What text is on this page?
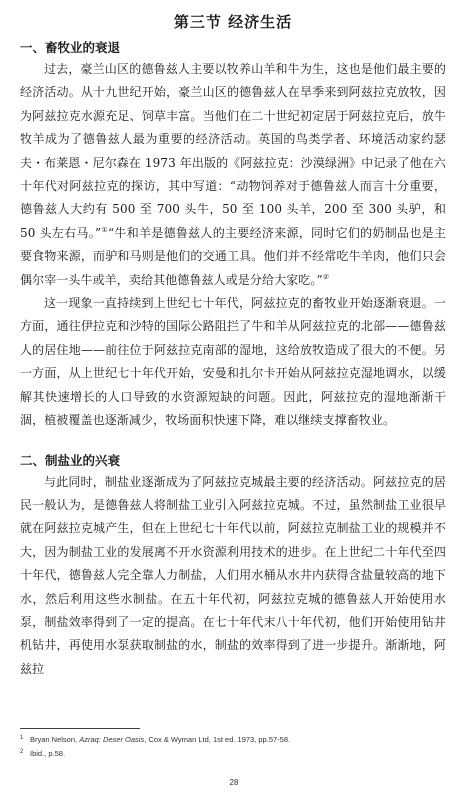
第三节 经济生活
一、畜牧业的衰退

过去，豪兰山区的德鲁兹人主要以牧养山羊和牛为生，这也是他们最主要的经济活动。从十九世纪开始，豪兰山区的德鲁兹人在旱季来到阿兹拉克放牧，因为阿兹拉克水源充足、饲草丰富。当他们在二十世纪初定居于阿兹拉克后，放牛牧羊成为了德鲁兹人最为重要的经济活动。英国的鸟类学者、环境活动家约瑟夫・布莱恩・尼尔森在 1973 年出版的《阿兹拉克：沙漠绿洲》中记录了他在六十年代对阿兹拉克的探访，其中写道：“动物饲养对于德鲁兹人而言十分重要，德鲁兹人大约有 500 至 700 头牛，50 至 100 头羊，200 至 300 头驴，和 50 头左右马。”①“牛和羊是德鲁兹人的主要经济来源，同时它们的奶制品也是主要食物来源，而驴和马则是他们的交通工具。他们并不经常吃牛羊肉，他们只会偶尔宰一头牛或羊，卖给其他德鲁兹人或是分给大家吃。”②

这一现象一直持续到上世纪七十年代，阿兹拉克的畜牧业开始逐渐衰退。一方面，通往伊拉克和沙特的国际公路阻拦了牛和羊从阿兹拉克的北部——德鲁兹人的居住地——前往位于阿兹拉克南部的湿地，这给放牧造成了很大的不便。另一方面，从上世纪七十年代开始，安曼和扎尔卡开始从阿兹拉克湿地调水，以缓解其快速增长的人口导致的水资源短缺的问题。因此，阿兹拉克的湿地渐渐干涸，植被覆盖也逐渐减少，牧场面积快速下降，难以继续支撑畜牧业。

二、制盐业的兴衰

与此同时，制盐业逐渐成为了阿兹拉克城最主要的经济活动。阿兹拉克的居民一般认为，是德鲁兹人将制盐工业引入阿兹拉克城。不过，虽然制盐工业很早就在阿兹拉克城产生，但在上世纪七十年代以前，阿兹拉克制盐工业的规模并不大，因为制盐工业的发展离不开水资源利用技术的进步。在上世纪二十年代至四十年代，德鲁兹人完全靠人力制盐，人们用水桶从水井内获得含盐量较高的地下水，然后利用这些水制盐。在五十年代初，阿兹拉克城的德鲁兹人开始使用水泵，制盐效率得到了一定的提高。在七十年代末八十年代初，他们开始使用钻井机钻井，再使用水泵获取制盐的水，制盐的效率得到了进一步提升。渐渐地，阿兹拉

1 Bryan Nelson, Azraq: Deser Oasis, Cox & Wyman Ltd, 1st ed. 1973, pp.57-58.

2 Ibid., p.58.

28
